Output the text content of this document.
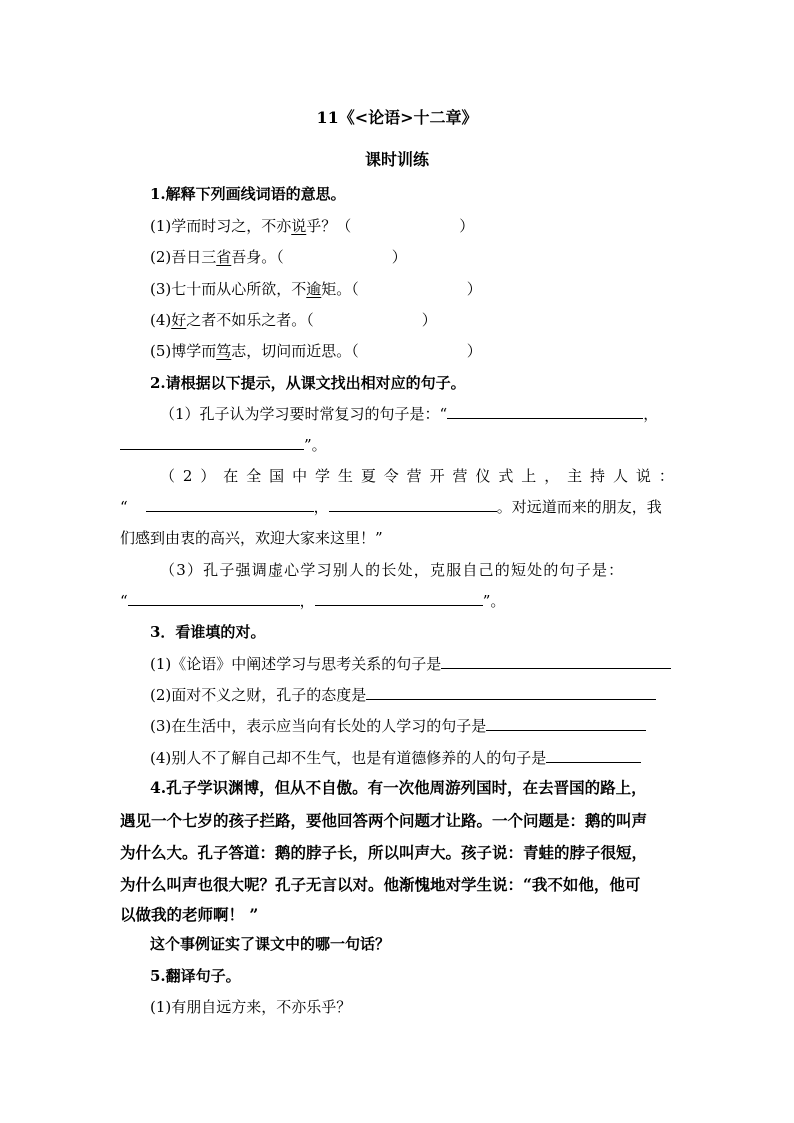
11《<论语>十二章》
课时训练
1.解释下列画线词语的意思。
(1)学而时习之，不亦说乎？（	）
(2)吾日三省吾身。（	）
(3)七十而从心所欲，不逾矩。（	）
(4)好之者不如乐之者。（	）
(5)博学而笃志，切问而近思。（	）
2.请根据以下提示，从课文找出相对应的句子。
（1）孔子认为学习要时常复习的句子是：“	，
”。
（ 2 ） 在 全 国 中 学 生 夏 令 营 开 营 仪 式 上 ， 主 持 人 说 ：
“	，	。对远道而来的朋友，我
们感到由衷的高兴，欢迎大家来这里！”
（3）孔子强调虚心学习别人的长处，克服自己的短处的句子是：
“	，	”。
3．看谁填的对。
(1)《论语》中阐述学习与思考关系的句子是
(2)面对不义之财，孔子的态度是
(3)在生活中，表示应当向有长处的人学习的句子是
(4)别人不了解自己却不生气，也是有道德修养的人的句子是
4.孔子学识渊博，但从不自傲。有一次他周游列国时，在去晋国的路上，
遇见一个七岁的孩子拦路，要他回答两个问题才让路。一个问题是：鹅的叫声
为什么大。孔子答道：鹅的脖子长，所以叫声大。孩子说：青蛙的脖子很短，
为什么叫声也很大呢？孔子无言以对。他渐愧地对学生说：“我不如他，他可
以做我的老师啊！ ”
这个事例证实了课文中的哪一句话？
5.翻译句子。
(1)有朋自远方来，不亦乐乎？
